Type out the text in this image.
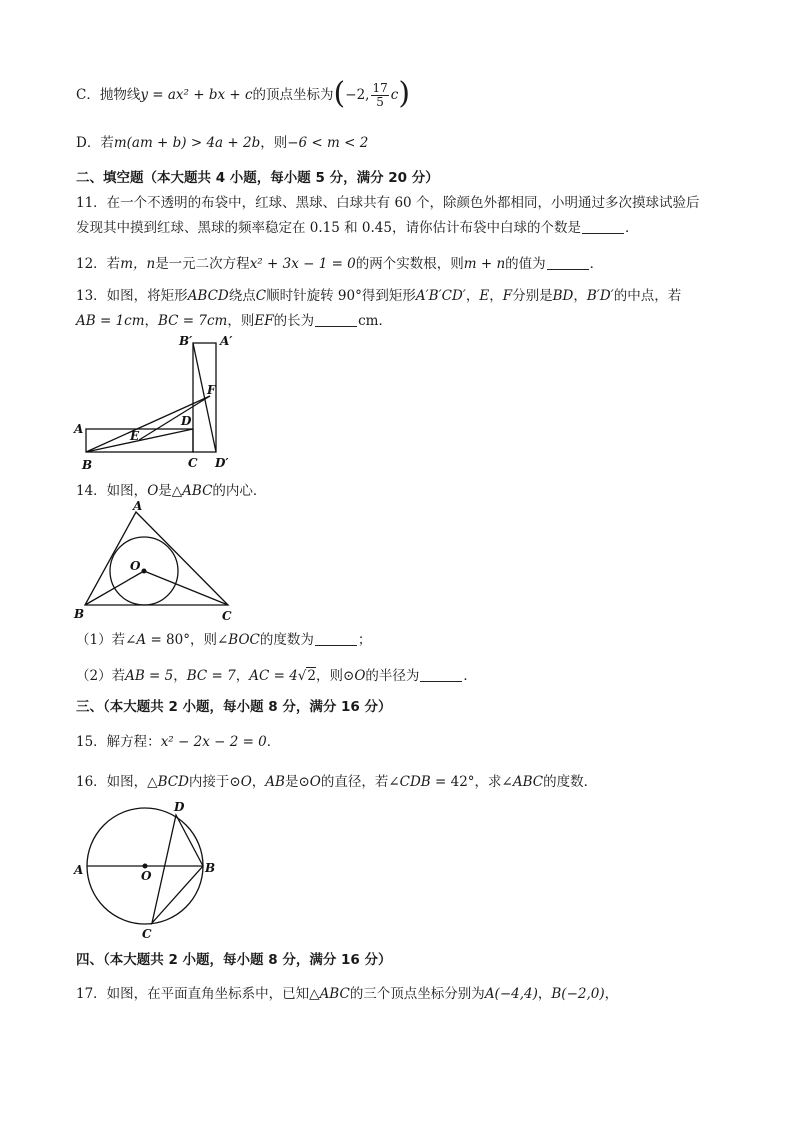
C．抛物线y = ax² + bx + c的顶点坐标为(−2, $\frac{17}{5} c$)
D．若m(am + b) > 4a + 2b，则−6 < m < 2
二、填空题（本大题共 4 小题，每小题 5 分，满分 20 分）
11．在一个不透明的布袋中，红球、黑球、白球共有 60 个，除颜色外都相同，小明通过多次摸球试验后
发现其中摸到红球、黑球的频率稳定在 0.15 和 0.45，请你估计布袋中白球的个数是	．
12．若m，n是一元二次方程x² + 3x − 1 = 0的两个实数根，则m + n的值为	．
13．如图，将矩形ABCD绕点C顺时针旋转 90°得到矩形A′B′CD′，E，F分别是BD，B′D′的中点，若
AB = 1cm，BC = 7cm，则EF的长为	cm．
B′ A′
F
D
A	E
B	C D′
14．如图，O是△ABC的内心．
A
O
B	C
（1）若∠A = 80°，则∠BOC的度数为	；
（2）若AB = 5，BC = 7，AC = 4√2，则⊙O的半径为	．
三、（本大题共 2 小题，每小题 8 分，满分 16 分）
15．解方程：x² − 2x − 2 = 0．
16．如图，△BCD内接于⊙O，AB是⊙O的直径，若∠CDB = 42°，求∠ABC的度数．
D
A	O
B
C
四、（本大题共 2 小题，每小题 8 分，满分 16 分）
17．如图，在平面直角坐标系中，已知△ABC的三个顶点坐标分别为A(−4,4)，B(−2,0)，
